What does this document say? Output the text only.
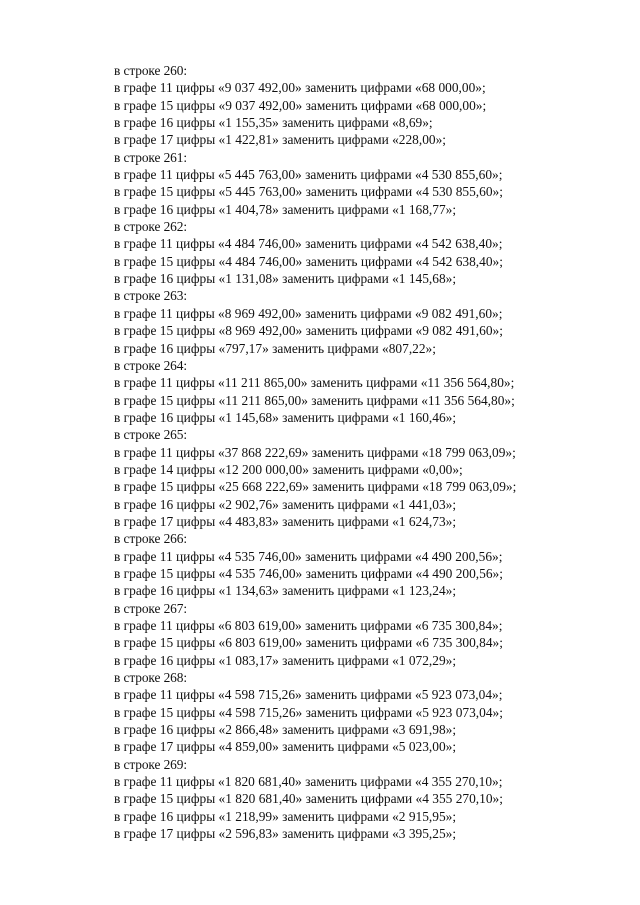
в строке 260:
в графе 11 цифры «9 037 492,00» заменить цифрами «68 000,00»;
в графе 15 цифры «9 037 492,00» заменить цифрами «68 000,00»;
в графе 16 цифры «1 155,35» заменить цифрами «8,69»;
в графе 17 цифры «1 422,81» заменить цифрами «228,00»;
в строке 261:
в графе 11 цифры «5 445 763,00» заменить цифрами «4 530 855,60»;
в графе 15 цифры «5 445 763,00» заменить цифрами «4 530 855,60»;
в графе 16 цифры «1 404,78» заменить цифрами «1 168,77»;
в строке 262:
в графе 11 цифры «4 484 746,00» заменить цифрами «4 542 638,40»;
в графе 15 цифры «4 484 746,00» заменить цифрами «4 542 638,40»;
в графе 16 цифры «1 131,08» заменить цифрами «1 145,68»;
в строке 263:
в графе 11 цифры «8 969 492,00» заменить цифрами «9 082 491,60»;
в графе 15 цифры «8 969 492,00» заменить цифрами «9 082 491,60»;
в графе 16 цифры «797,17» заменить цифрами «807,22»;
в строке 264:
в графе 11 цифры «11 211 865,00» заменить цифрами «11 356 564,80»;
в графе 15 цифры «11 211 865,00» заменить цифрами «11 356 564,80»;
в графе 16 цифры «1 145,68» заменить цифрами «1 160,46»;
в строке 265:
в графе 11 цифры «37 868 222,69» заменить цифрами «18 799 063,09»;
в графе 14 цифры «12 200 000,00» заменить цифрами «0,00»;
в графе 15 цифры «25 668 222,69» заменить цифрами «18 799 063,09»;
в графе 16 цифры «2 902,76» заменить цифрами «1 441,03»;
в графе 17 цифры «4 483,83» заменить цифрами «1 624,73»;
в строке 266:
в графе 11 цифры «4 535 746,00» заменить цифрами «4 490 200,56»;
в графе 15 цифры «4 535 746,00» заменить цифрами «4 490 200,56»;
в графе 16 цифры «1 134,63» заменить цифрами «1 123,24»;
в строке 267:
в графе 11 цифры «6 803 619,00» заменить цифрами «6 735 300,84»;
в графе 15 цифры «6 803 619,00» заменить цифрами «6 735 300,84»;
в графе 16 цифры «1 083,17» заменить цифрами «1 072,29»;
в строке 268:
в графе 11 цифры «4 598 715,26» заменить цифрами «5 923 073,04»;
в графе 15 цифры «4 598 715,26» заменить цифрами «5 923 073,04»;
в графе 16 цифры «2 866,48» заменить цифрами «3 691,98»;
в графе 17 цифры «4 859,00» заменить цифрами «5 023,00»;
в строке 269:
в графе 11 цифры «1 820 681,40» заменить цифрами «4 355 270,10»;
в графе 15 цифры «1 820 681,40» заменить цифрами «4 355 270,10»;
в графе 16 цифры «1 218,99» заменить цифрами «2 915,95»;
в графе 17 цифры «2 596,83» заменить цифрами «3 395,25»;
